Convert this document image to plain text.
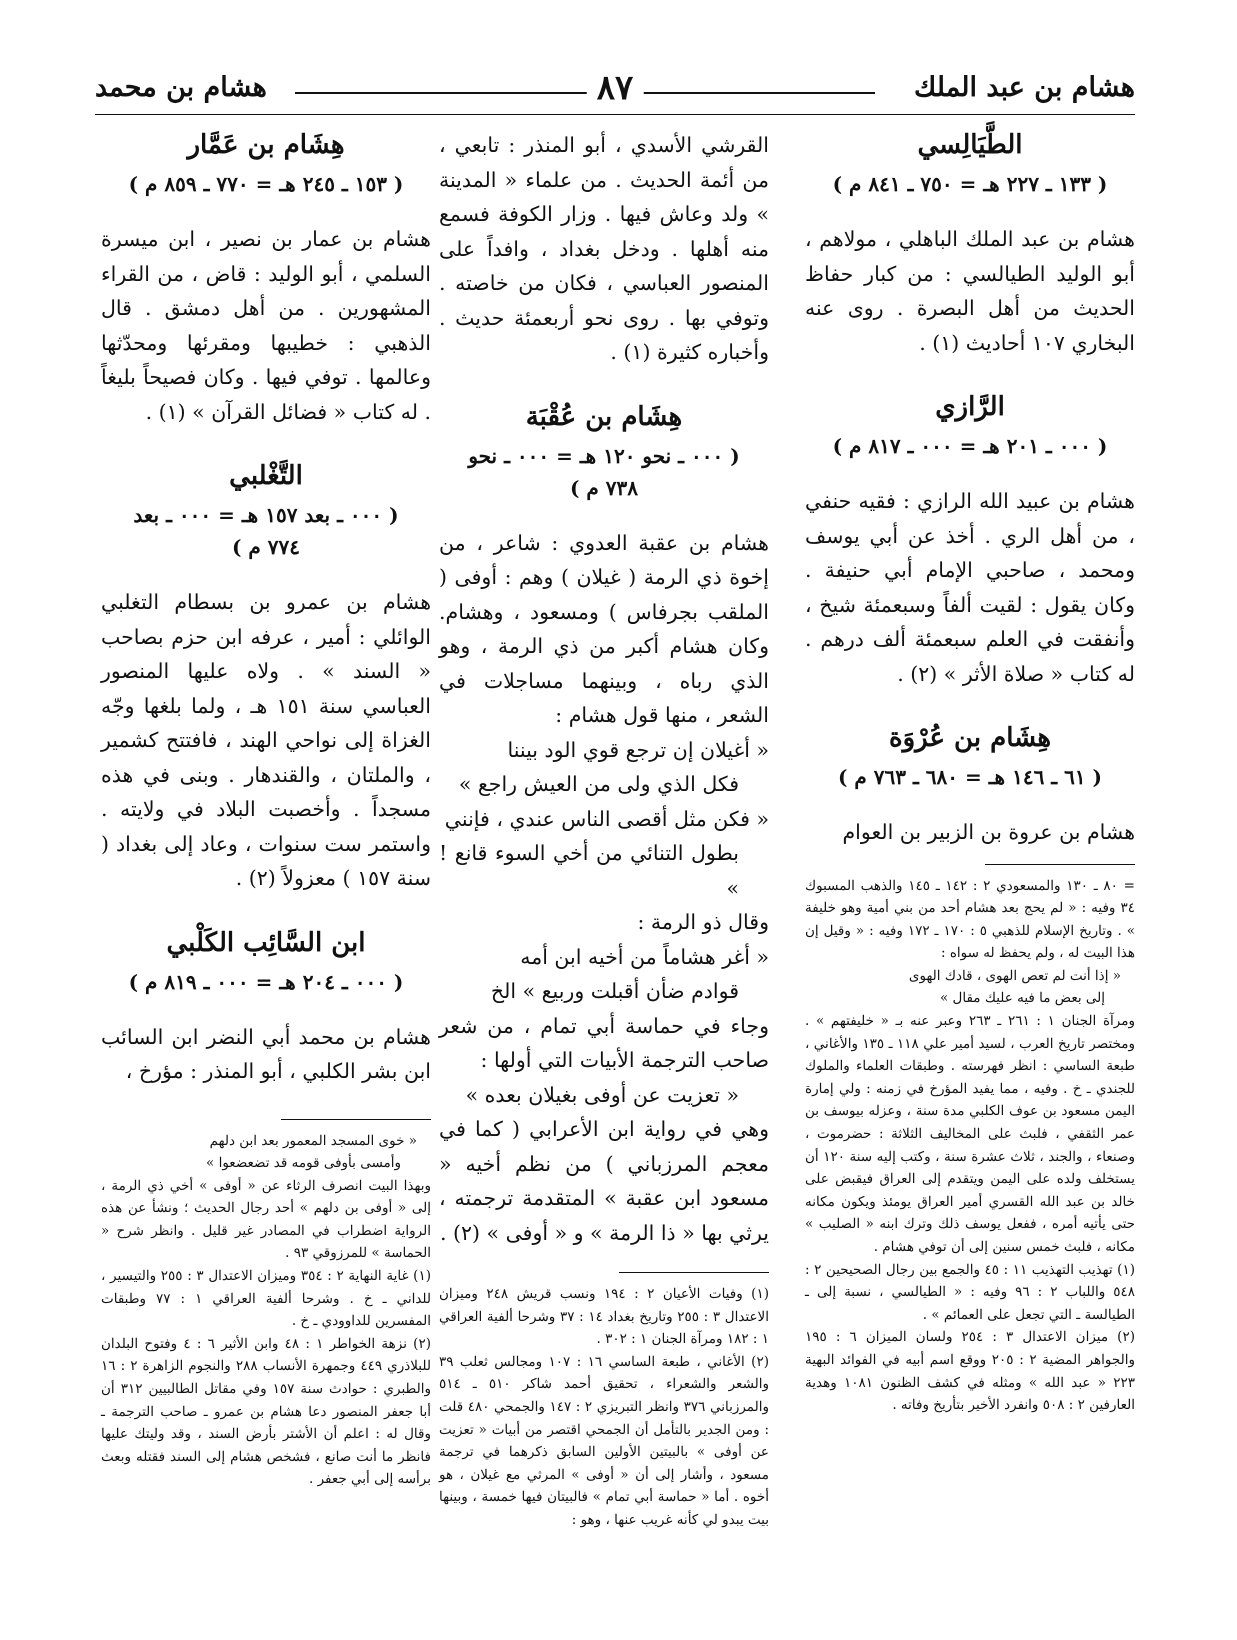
هشام بن عبد الملك
٨٧
هشام بن محمد
الطَّيَالِسي
( ١٣٣ ـ ٢٢٧ هـ = ٧٥٠ ـ ٨٤١ م )

هشام بن عبد الملك الباهلي ، مولاهم ، أبو الوليد الطيالسي : من كبار حفاظ الحديث من أهل البصرة . روى عنه البخاري ١٠٧ أحاديث (١) .

الرَّازي
( ٠٠٠ ـ ٢٠١ هـ = ٠٠٠ ـ ٨١٧ م )

هشام بن عبيد الله الرازي : فقيه حنفي ، من أهل الري . أخذ عن أبي يوسف ومحمد ، صاحبي الإمام أبي حنيفة . وكان يقول : لقيت ألفاً وسبعمئة شيخ ، وأنفقت في العلم سبعمئة ألف درهم . له كتاب « صلاة الأثر » (٢) .

هِشَام بن عُرْوَة
( ٦١ ـ ١٤٦ هـ = ٦٨٠ ـ ٧٦٣ م )

هشام بن عروة بن الزبير بن العوام

= ٨٠ ـ ١٣٠ والمسعودي ٢ : ١٤٢ ـ ١٤٥ والذهب المسبوك ٣٤ وفيه : « لم يحج بعد هشام أحد من بني أمية وهو خليفة » . وتاريخ الإسلام للذهبي ٥ : ١٧٠ ـ ١٧٢ وفيه : « وقيل إن هذا البيت له ، ولم يحفظ له سواه :

« إذا أنت لم تعص الهوى ، قادك الهوى

إلى بعض ما فيه عليك مقال »

ومرآة الجنان ١ : ٢٦١ ـ ٢٦٣ وعبر عنه بـ « خليفتهم » . ومختصر تاريخ العرب ، لسيد أمير علي ١١٨ ـ ١٣٥ والأغاني ، طبعة الساسي : انظر فهرسته . وطبقات العلماء والملوك للجندي ـ خ . وفيه ، مما يفيد المؤرخ في زمنه : ولي إمارة اليمن مسعود بن عوف الكلبي مدة سنة ، وعزله بيوسف بن عمر الثقفي ، فلبث على المخاليف الثلاثة : حضرموت ، وصنعاء ، والجند ، ثلاث عشرة سنة ، وكتب إليه سنة ١٢٠ أن يستخلف ولده على اليمن ويتقدم إلى العراق فيقبض على خالد بن عبد الله القسري أمير العراق يومئذ ويكون مكانه حتى يأتيه أمره ، ففعل يوسف ذلك وترك ابنه « الصليب » مكانه ، فلبث خمس سنين إلى أن توفي هشام .

(١) تهذيب التهذيب ١١ : ٤٥ والجمع بين رجال الصحيحين ٢ : ٥٤٨ واللباب ٢ : ٩٦ وفيه : « الطيالسي ، نسبة إلى ـ الطيالسة ـ التي تجعل على العمائم » .

(٢) ميزان الاعتدال ٣ : ٢٥٤ ولسان الميزان ٦ : ١٩٥ والجواهر المضية ٢ : ٢٠٥ ووقع اسم أبيه في الفوائد البهية ٢٢٣ « عبد الله » ومثله في كشف الظنون ١٠٨١ وهدية العارفين ٢ : ٥٠٨ وانفرد الأخير بتأريخ وفاته .

القرشي الأسدي ، أبو المنذر : تابعي ، من أئمة الحديث . من علماء « المدينة » ولد وعاش فيها . وزار الكوفة فسمع منه أهلها . ودخل بغداد ، وافداً على المنصور العباسي ، فكان من خاصته . وتوفي بها . روى نحو أربعمئة حديث . وأخباره كثيرة (١) .

هِشَام بن عُقْبَة
( ٠٠٠ ـ نحو ١٢٠ هـ = ٠٠٠ ـ نحو
٧٣٨ م )

هشام بن عقبة العدوي : شاعر ، من إخوة ذي الرمة ( غيلان ) وهم : أوفى ( الملقب بجرفاس ) ومسعود ، وهشام. وكان هشام أكبر من ذي الرمة ، وهو الذي رباه ، وبينهما مساجلات في الشعر ، منها قول هشام :

« أغيلان إن ترجع قوي الود بيننا

فكل الذي ولى من العيش راجع »

« فكن مثل أقصى الناس عندي ، فإنني

بطول التنائي من أخي السوء قانع ! »

وقال ذو الرمة :

« أغر هشاماً من أخيه ابن أمه

قوادم ضأن أقبلت وربيع » الخ

وجاء في حماسة أبي تمام ، من شعر صاحب الترجمة الأبيات التي أولها :

« تعزيت عن أوفى بغيلان بعده »

وهي في رواية ابن الأعرابي ( كما في معجم المرزباني ) من نظم أخيه « مسعود ابن عقبة » المتقدمة ترجمته ، يرثي بها « ذا الرمة » و « أوفى » (٢) .

(١) وفيات الأعيان ٢ : ١٩٤ ونسب قريش ٢٤٨ وميزان الاعتدال ٣ : ٢٥٥ وتاريخ بغداد ١٤ : ٣٧ وشرحا ألفية العراقي ١ : ١٨٢ ومرآة الجنان ١ : ٣٠٢ .

(٢) الأغاني ، طبعة الساسي ١٦ : ١٠٧ ومجالس ثعلب ٣٩ والشعر والشعراء ، تحقيق أحمد شاكر ٥١٠ ـ ٥١٤ والمرزباني ٣٧٦ وانظر التبريزي ٢ : ١٤٧ والجمحي ٤٨٠ قلت : ومن الجدير بالتأمل أن الجمحي اقتصر من أبيات « تعزيت عن أوفى » بالبيتين الأولين السابق ذكرهما في ترجمة مسعود ، وأشار إلى أن « أوفى » المرثي مع غيلان ، هو أخوه . أما « حماسة أبي تمام » فالبيتان فيها خمسة ، وبينها بيت يبدو لي كأنه غريب عنها ، وهو :

هِشَام بن عَمَّار
( ١٥٣ ـ ٢٤٥ هـ = ٧٧٠ ـ ٨٥٩ م )

هشام بن عمار بن نصير ، ابن ميسرة السلمي ، أبو الوليد : قاض ، من القراء المشهورين . من أهل دمشق . قال الذهبي : خطيبها ومقرئها ومحدّثها وعالمها . توفي فيها . وكان فصيحاً بليغاً . له كتاب « فضائل القرآن » (١) .

التَّغْلبي
( ٠٠٠ ـ بعد ١٥٧ هـ = ٠٠٠ ـ بعد
٧٧٤ م )

هشام بن عمرو بن بسطام التغلبي الوائلي : أمير ، عرفه ابن حزم بصاحب « السند » . ولاه عليها المنصور العباسي سنة ١٥١ هـ ، ولما بلغها وجّه الغزاة إلى نواحي الهند ، فافتتح كشمير ، والملتان ، والقندهار . وبنى في هذه مسجداً . وأخصبت البلاد في ولايته . واستمر ست سنوات ، وعاد إلى بغداد ( سنة ١٥٧ ) معزولاً (٢) .

ابن السَّائِب الكَلْبي
( ٠٠٠ ـ ٢٠٤ هـ = ٠٠٠ ـ ٨١٩ م )

هشام بن محمد أبي النضر ابن السائب ابن بشر الكلبي ، أبو المنذر : مؤرخ ،

« خوى المسجد المعمور بعد ابن دلهم

وأمسى بأوفى قومه قد تضعضعوا »

وبهذا البيت انصرف الرثاء عن « أوفى » أخي ذي الرمة ، إلى « أوفى بن دلهم » أحد رجال الحديث ؛ ونشأ عن هذه الرواية اضطراب في المصادر غير قليل . وانظر شرح « الحماسة » للمرزوقي ٩٣ .

(١) غاية النهاية ٢ : ٣٥٤ وميزان الاعتدال ٣ : ٢٥٥ والتيسير ، للداني ـ خ . وشرحا ألفية العراقي ١ : ٧٧ وطبقات المفسرين للداوودي ـ خ .

(٢) نزهة الخواطر ١ : ٤٨ وابن الأثير ٦ : ٤ وفتوح البلدان للبلاذري ٤٤٩ وجمهرة الأنساب ٢٨٨ والنجوم الزاهرة ٢ : ١٦ والطبري : حوادث سنة ١٥٧ وفي مقاتل الطالبيين ٣١٢ أن أبا جعفر المنصور دعا هشام بن عمرو ـ صاحب الترجمة ـ وقال له : اعلم أن الأشتر بأرض السند ، وقد وليتك عليها فانظر ما أنت صانع ، فشخص هشام إلى السند فقتله وبعث برأسه إلى أبي جعفر .
